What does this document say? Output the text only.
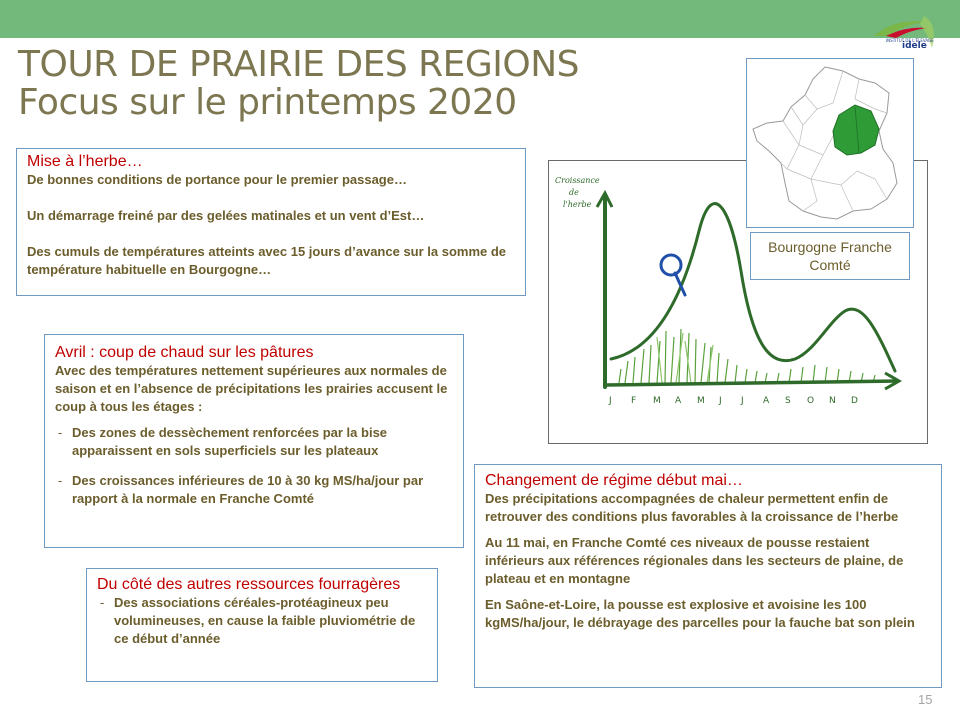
INSTITUT DE L'ÉLEVAGE
idele
TOUR DE PRAIRIE DES REGIONS
Focus sur le printemps 2020
Mise à l’herbe…

De bonnes conditions de portance pour le premier passage…

Un démarrage freiné par des gelées matinales et un vent d’Est…

Des cumuls de températures atteints avec 15 jours d’avance sur la somme de température habituelle en Bourgogne…

Avril : coup de chaud sur les pâtures

Avec des températures nettement supérieures aux normales de saison et en l’absence de précipitations les prairies accusent le coup à tous les étages :

- Des zones de dessèchement renforcées par la bise apparaissent en sols superficiels sur les plateaux
- Des croissances inférieures de 10 à 30 kg MS/ha/jour par rapport à la normale en Franche Comté
Du côté des autres ressources fourragères
- Des associations céréales-protéagineux peu volumineuses, en cause la faible pluviométrie de ce début d’année
Changement de régime début mai…

Des précipitations accompagnées de chaleur permettent enfin de retrouver des conditions plus favorables à la croissance de l’herbe

Au 11 mai, en Franche Comté ces niveaux de pousse restaient inférieurs aux références régionales dans les secteurs de plaine, de plateau et en montagne

En Saône-et-Loire, la pousse est explosive et avoisine les 100 kgMS/ha/jour, le débrayage des parcelles pour la fauche bat son plein

Croissance de l'herbe
J F M A M J J A S O N D
Bourgogne Franche Comté
15
